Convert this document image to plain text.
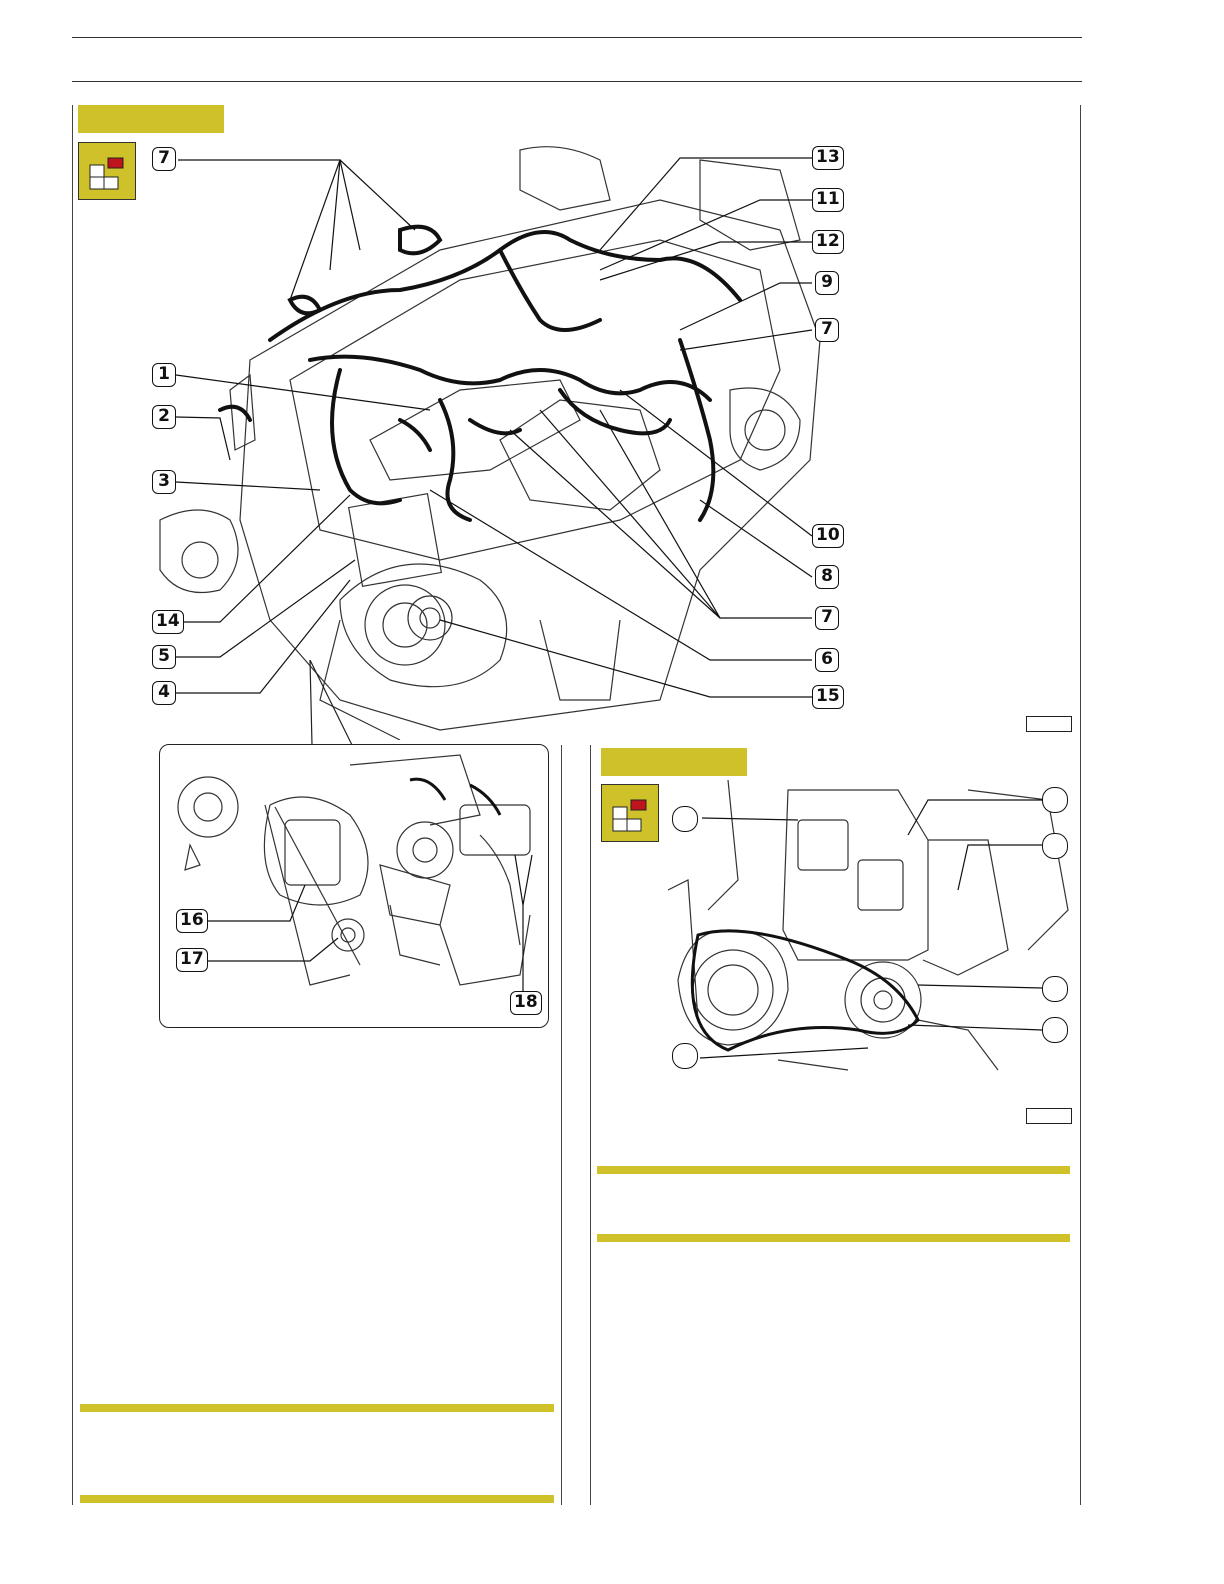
7	13
11
12
9
7
1
2
3
10
8
7
14
5	6
15
4
16
17
18
